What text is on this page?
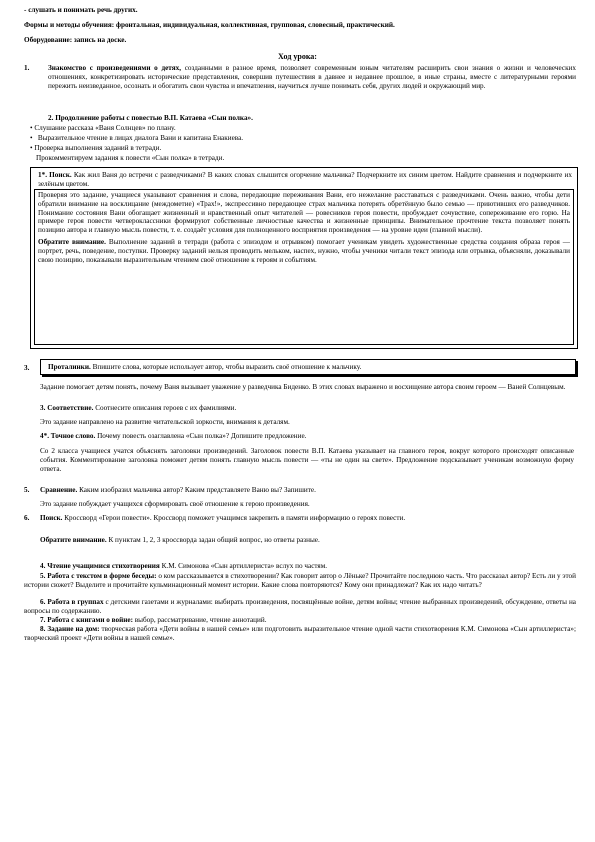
- слушать и понимать речь других.
Формы и методы обучения: фронтальная, индивидуальная, коллективная, групповая, словесный, практический.
Оборудование: запись на доске.
Ход урока:
1.	Знакомство с произведениями о детях, созданными в разное время, позволяет современным юным читателям расширить свои знания о жизни и человеческих отношениях, конкретизировать исторические представления, совершив путешествия в давнее и недавнее прошлое, в иные страны, вместе с литературными героями пережить неизведанное, осознать и обогатить свои чувства и впечатления, научиться лучше понимать себя, других людей и окружающий мир.

2. Продолжение работы с повестью В.П. Катаева «Сын полка».
• Слушание рассказа «Ваня Солнцев» по плану.
•   Выразительное чтение в лицах диалога Вани и капитана Енакиева.
• Проверка выполнения заданий в тетради.
Прокомментируем задания к повести «Сын полка» в тетради.

1*. Поиск. Как жил Ваня до встречи с разведчиками? В каких словах слышится огорчение мальчика? Подчеркните их синим цветом. Найдите сравнения и подчеркните их зелёным цветом.

Проверяя это задание, учащиеся указывают сравнения и слова, передающие переживания Вани, его нежелание расставаться с разведчиками. Очень важно, чтобы дети обратили внимание на восклицание (междометие) «Трах!», экспрессивно передающее страх мальчика потерять обретённую было семью — приютивших его разведчиков. Понимание состояния Вани обогащает жизненный и нравственный опыт читателей — ровесников героя повести, пробуждает сочувствие, сопереживание его горю. На примере героя повести четвероклассники формируют собственные личностные качества и жизненные принципы. Внимательное прочтение текста позволяет понять позицию автора и главную мысль повести, т. е. создаёт условия для полноценного восприятия произведения — на уровне идеи (главной мысли).

Обратите внимание. Выполнение заданий в тетради (работа с эпизодом и отрывком) помогает ученикам увидеть художественные средства создания образа героя — портрет, речь, поведение, поступки. Проверку заданий нельзя проводить мельком, наспех, нужно, чтобы ученики читали текст эпизода или отрывка, объясняли, доказывали свою позицию, показывали выразительным чтением своё отношение к героям и событиям.

3.	Проталинки. Впишите слова, которые использует автор, чтобы выразить своё отношение к мальчику.

Задание помогает детям понять, почему Ваня вызывает уважение у разведчика Биденко. В этих словах выражено и восхищение автора своим героем — Ваней Солнцевым.

3. Соответствие. Соотнесите описания героев с их фамилиями.
Это задание направлено на развитие читательской зоркости, внимания к деталям.
4*. Точное слово. Почему повесть озаглавлена «Сын полка»? Допишите предложение.

Со 2 класса учащиеся учатся объяснять заголовки произведений. Заголовок повести В.П. Катаева указывает на главного героя, вокруг которого происходят описанные события. Комментирование заголовка поможет детям понять главную мысль повести — «ты не один на свете». Предложение подсказывает ученикам возможную форму ответа.

5. Сравнение. Каким изобразил мальчика автор? Каким представляете Ваню вы? Запишите.
Это задание побуждает учащихся сформировать своё отношение к герою произведения.
6. Поиск. Кроссворд «Герои повести». Кроссворд поможет учащимся закрепить в памяти информацию о героях повести.

Обратите внимание. К пунктам 1, 2, 3 кроссворда задан общий вопрос, но ответы разные.
4. Чтение учащимися стихотворения К.М. Симонова «Сын артиллериста» вслух по частям.

5. Работа с текстом в форме беседы: о ком рассказывается в стихотворении? Как говорит автор о Лёньке? Прочитайте последнюю часть. Что рассказал автор? Есть ли у этой истории сюжет? Выделите и прочитайте кульминационный момент истории. Какие слова повторяются? Кому они принадлежат? Как их надо читать?

6. Работа в группах с детскими газетами и журналами: выбирать произведения, посвящённые войне, детям войны; чтение выбранных произведений, обсуждение, ответы на вопросы по содержанию.

7. Работа с книгами о войне: выбор, рассматривание, чтение аннотаций.

8. Задание на дом: творческая работа «Дети войны в нашей семье» или подготовить выразительное чтение одной части стихотворения К.М. Симонова «Сын артиллериста»; творческий проект «Дети войны в нашей семье».
